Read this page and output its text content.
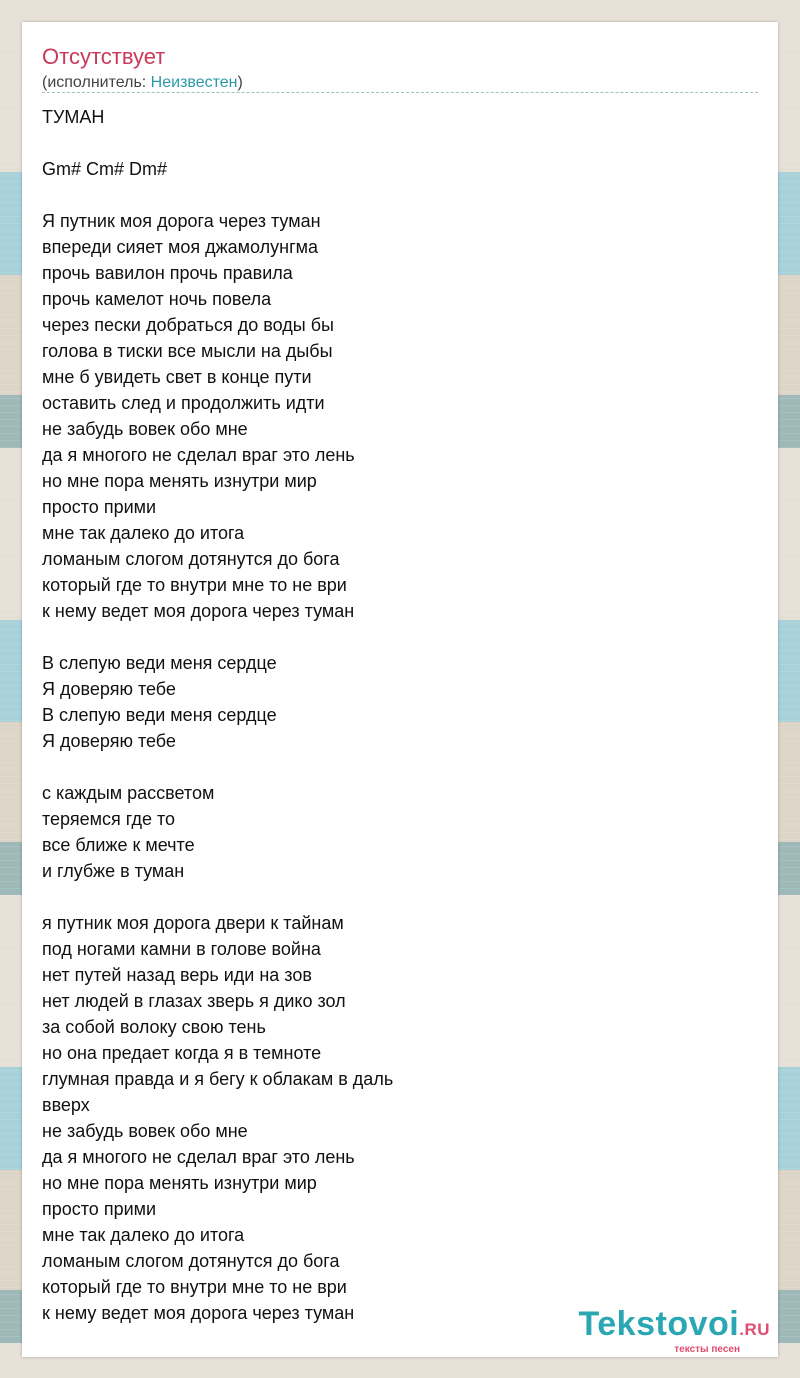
Отсутствует
(исполнитель: Неизвестен)
ТУМАН
Gm# Cm# Dm#
Я путник моя дорога через туман
впереди сияет моя джамолунгма
прочь вавилон прочь правила
прочь камелот ночь повела
через пески добраться до воды бы
голова в тиски все мысли на дыбы
мне б увидеть свет в конце пути
оставить след и продолжить идти
не забудь вовек обо мне
да я многого не сделал враг это лень
но мне пора менять изнутри мир
просто прими
мне так далеко до итога
ломаным слогом дотянутся до бога
который где то внутри мне то не ври
к нему ведет моя дорога через туман
В слепую веди меня сердце
Я доверяю тебе
В слепую веди меня сердце
Я доверяю тебе
с каждым рассветом
теряемся где то
все ближе к мечте
и глубже в туман
я путник моя дорога двери к тайнам
под ногами камни в голове война
нет путей назад верь иди на зов
нет людей в глазах зверь я дико зол
за собой волоку свою тень
но она предает когда я в темноте
глумная правда и я бегу к облакам в даль
вверх
не забудь вовек обо мне
да я многого не сделал враг это лень
но мне пора менять изнутри мир
просто прими
мне так далеко до итога
ломаным слогом дотянутся до бога
который где то внутри мне то не ври
к нему ведет моя дорога через туман	Tekstovoi.RU
тексты песен
